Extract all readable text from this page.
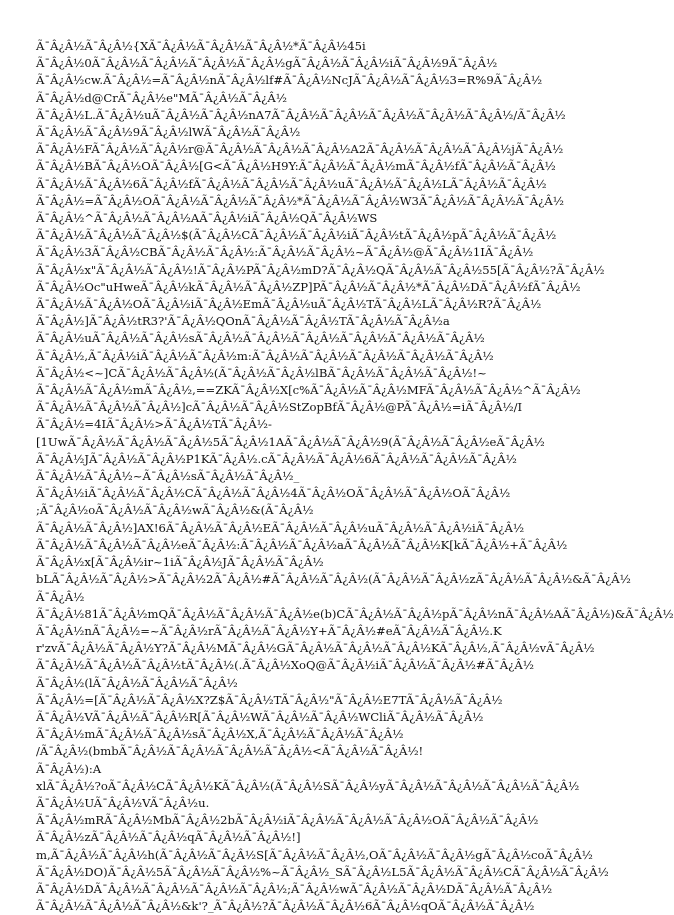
Ã¯Â¿Â½Ã¯Â¿Â½{XÃ¯Â¿Â½Ã¯Â¿Â½Ã¯Â¿Â½*Ã¯Â¿Â½45i
Ã¯Â¿Â½0Ã¯Â¿Â½Ã¯Â¿Â½Ã¯Â¿Â½Ã¯Â¿Â½gÃ¯Â¿Â½Ã¯Â¿Â½iÃ¯Â¿Â½9Ã¯Â¿Â½
Ã¯Â¿Â½cw.Ã¯Â¿Â½=Ã¯Â¿Â½nÃ¯Â¿Â½lf#Ã¯Â¿Â½NcJÃ¯Â¿Â½Ã¯Â¿Â½3=R%9Ã¯Â¿Â½
Ã¯Â¿Â½d@CrÃ¯Â¿Â½e"MÃ¯Â¿Â½Ã¯Â¿Â½
Ã¯Â¿Â½L.Ã¯Â¿Â½uÃ¯Â¿Â½Ã¯Â¿Â½nA7Ã¯Â¿Â½Ã¯Â¿Â½Ã¯Â¿Â½Ã¯Â¿Â½Ã¯Â¿Â½/Ã¯Â¿Â½
Ã¯Â¿Â½Ã¯Â¿Â½9Ã¯Â¿Â½lWÃ¯Â¿Â½Ã¯Â¿Â½
Ã¯Â¿Â½FÃ¯Â¿Â½Ã¯Â¿Â½r@Ã¯Â¿Â½Ã¯Â¿Â½Ã¯Â¿Â½A2Ã¯Â¿Â½Ã¯Â¿Â½Ã¯Â¿Â½jÃ¯Â¿Â½
Ã¯Â¿Â½BÃ¯Â¿Â½OÃ¯Â¿Â½[G<Ã¯Â¿Â½H9Y:Ã¯Â¿Â½Ã¯Â¿Â½mÃ¯Â¿Â½fÃ¯Â¿Â½Ã¯Â¿Â½
Ã¯Â¿Â½Ã¯Â¿Â½6Ã¯Â¿Â½fÃ¯Â¿Â½Ã¯Â¿Â½Ã¯Â¿Â½uÃ¯Â¿Â½Ã¯Â¿Â½LÃ¯Â¿Â½Ã¯Â¿Â½
Ã¯Â¿Â½=Ã¯Â¿Â½OÃ¯Â¿Â½Ã¯Â¿Â½Ã¯Â¿Â½*Ã¯Â¿Â½Ã¯Â¿Â½W3Ã¯Â¿Â½Ã¯Â¿Â½Ã¯Â¿Â½
Ã¯Â¿Â½^Ã¯Â¿Â½Ã¯Â¿Â½AÃ¯Â¿Â½iÃ¯Â¿Â½QÃ¯Â¿Â½WS
Ã¯Â¿Â½Ã¯Â¿Â½Ã¯Â¿Â½$(Ã¯Â¿Â½CÃ¯Â¿Â½Ã¯Â¿Â½iÃ¯Â¿Â½tÃ¯Â¿Â½pÃ¯Â¿Â½Ã¯Â¿Â½
Ã¯Â¿Â½3Ã¯Â¿Â½CBÃ¯Â¿Â½Ã¯Â¿Â½:Ã¯Â¿Â½Ã¯Â¿Â½~Ã¯Â¿Â½@Ã¯Â¿Â½1IÃ¯Â¿Â½
Ã¯Â¿Â½x"Ã¯Â¿Â½Ã¯Â¿Â½!Ã¯Â¿Â½PÃ¯Â¿Â½mD?Ã¯Â¿Â½QÃ¯Â¿Â½Ã¯Â¿Â½55[Ã¯Â¿Â½?Ã¯Â¿Â½
Ã¯Â¿Â½Oc"uHweÃ¯Â¿Â½kÃ¯Â¿Â½Ã¯Â¿Â½ZP]PÃ¯Â¿Â½Ã¯Â¿Â½*Ã¯Â¿Â½DÃ¯Â¿Â½fÃ¯Â¿Â½
Ã¯Â¿Â½Ã¯Â¿Â½OÃ¯Â¿Â½iÃ¯Â¿Â½EmÃ¯Â¿Â½uÃ¯Â¿Â½TÃ¯Â¿Â½LÃ¯Â¿Â½R?Ã¯Â¿Â½
Ã¯Â¿Â½]Ã¯Â¿Â½tR3?'Ã¯Â¿Â½QOnÃ¯Â¿Â½Ã¯Â¿Â½TÃ¯Â¿Â½Ã¯Â¿Â½a
Ã¯Â¿Â½uÃ¯Â¿Â½Ã¯Â¿Â½sÃ¯Â¿Â½Ã¯Â¿Â½Ã¯Â¿Â½Ã¯Â¿Â½Ã¯Â¿Â½Ã¯Â¿Â½
Ã¯Â¿Â½,Ã¯Â¿Â½iÃ¯Â¿Â½Ã¯Â¿Â½m:Ã¯Â¿Â½Ã¯Â¿Â½Ã¯Â¿Â½Ã¯Â¿Â½Ã¯Â¿Â½
Ã¯Â¿Â½<~]CÃ¯Â¿Â½Ã¯Â¿Â½(Ã¯Â¿Â½Ã¯Â¿Â½lBÃ¯Â¿Â½Ã¯Â¿Â½Ã¯Â¿Â½!~
Ã¯Â¿Â½Ã¯Â¿Â½mÃ¯Â¿Â½,==ZKÃ¯Â¿Â½X[c%Ã¯Â¿Â½Ã¯Â¿Â½MFÃ¯Â¿Â½Ã¯Â¿Â½^Ã¯Â¿Â½
Ã¯Â¿Â½Ã¯Â¿Â½Ã¯Â¿Â½]cÃ¯Â¿Â½Ã¯Â¿Â½StZopBfÃ¯Â¿Â½@PÃ¯Â¿Â½=iÃ¯Â¿Â½/I
Ã¯Â¿Â½=4IÃ¯Â¿Â½>Ã¯Â¿Â½TÃ¯Â¿Â½-
[1UwÃ¯Â¿Â½Ã¯Â¿Â½Ã¯Â¿Â½5Ã¯Â¿Â½1AÃ¯Â¿Â½Ã¯Â¿Â½9(Ã¯Â¿Â½Ã¯Â¿Â½eÃ¯Â¿Â½
Ã¯Â¿Â½JÃ¯Â¿Â½Ã¯Â¿Â½P1KÃ¯Â¿Â½.cÃ¯Â¿Â½Ã¯Â¿Â½6Ã¯Â¿Â½Ã¯Â¿Â½Ã¯Â¿Â½
Ã¯Â¿Â½Ã¯Â¿Â½~Ã¯Â¿Â½sÃ¯Â¿Â½Ã¯Â¿Â½_
Ã¯Â¿Â½iÃ¯Â¿Â½Ã¯Â¿Â½CÃ¯Â¿Â½Ã¯Â¿Â½4Ã¯Â¿Â½OÃ¯Â¿Â½Ã¯Â¿Â½OÃ¯Â¿Â½
;Ã¯Â¿Â½oÃ¯Â¿Â½Ã¯Â¿Â½wÃ¯Â¿Â½&(Ã¯Â¿Â½
Ã¯Â¿Â½Ã¯Â¿Â½]AX!6Ã¯Â¿Â½Ã¯Â¿Â½EÃ¯Â¿Â½Ã¯Â¿Â½uÃ¯Â¿Â½Ã¯Â¿Â½iÃ¯Â¿Â½
Ã¯Â¿Â½Ã¯Â¿Â½Ã¯Â¿Â½eÃ¯Â¿Â½:Ã¯Â¿Â½Ã¯Â¿Â½aÃ¯Â¿Â½Ã¯Â¿Â½K[kÃ¯Â¿Â½+Ã¯Â¿Â½
Ã¯Â¿Â½x[Ã¯Â¿Â½ir~1iÃ¯Â¿Â½JÃ¯Â¿Â½Ã¯Â¿Â½
bLÃ¯Â¿Â½Ã¯Â¿Â½>Ã¯Â¿Â½2Ã¯Â¿Â½#Ã¯Â¿Â½Ã¯Â¿Â½(Ã¯Â¿Â½Ã¯Â¿Â½zÃ¯Â¿Â½Ã¯Â¿Â½&Ã¯Â¿Â½
Ã¯Â¿Â½
Ã¯Â¿Â½81Ã¯Â¿Â½mQÃ¯Â¿Â½Ã¯Â¿Â½Ã¯Â¿Â½e(b)CÃ¯Â¿Â½Ã¯Â¿Â½pÃ¯Â¿Â½nÃ¯Â¿Â½AÃ¯Â¿Â½)&Ã¯Â¿Â½
Ã¯Â¿Â½nÃ¯Â¿Â½=~Ã¯Â¿Â½rÃ¯Â¿Â½Ã¯Â¿Â½Y+Ã¯Â¿Â½#eÃ¯Â¿Â½Ã¯Â¿Â½.K
r'zvÃ¯Â¿Â½Ã¯Â¿Â½Y?Ã¯Â¿Â½MÃ¯Â¿Â½GÃ¯Â¿Â½Ã¯Â¿Â½Ã¯Â¿Â½KÃ¯Â¿Â½,Ã¯Â¿Â½vÃ¯Â¿Â½
Ã¯Â¿Â½Ã¯Â¿Â½Ã¯Â¿Â½tÃ¯Â¿Â½(.Ã¯Â¿Â½XoQ@Ã¯Â¿Â½iÃ¯Â¿Â½Ã¯Â¿Â½#Ã¯Â¿Â½
Ã¯Â¿Â½(lÃ¯Â¿Â½Ã¯Â¿Â½Ã¯Â¿Â½
Ã¯Â¿Â½=[Ã¯Â¿Â½Ã¯Â¿Â½X?Z$Ã¯Â¿Â½TÃ¯Â¿Â½"Ã¯Â¿Â½E7TÃ¯Â¿Â½Ã¯Â¿Â½
Ã¯Â¿Â½VÃ¯Â¿Â½Ã¯Â¿Â½R[Ã¯Â¿Â½WÃ¯Â¿Â½Ã¯Â¿Â½WCliÃ¯Â¿Â½Ã¯Â¿Â½
Ã¯Â¿Â½mÃ¯Â¿Â½Ã¯Â¿Â½sÃ¯Â¿Â½X,Ã¯Â¿Â½Ã¯Â¿Â½Ã¯Â¿Â½
/Ã¯Â¿Â½(bmbÃ¯Â¿Â½Ã¯Â¿Â½Ã¯Â¿Â½Ã¯Â¿Â½<Ã¯Â¿Â½Ã¯Â¿Â½!
Ã¯Â¿Â½):A
xlÃ¯Â¿Â½?oÃ¯Â¿Â½CÃ¯Â¿Â½KÃ¯Â¿Â½(Ã¯Â¿Â½SÃ¯Â¿Â½yÃ¯Â¿Â½Ã¯Â¿Â½Ã¯Â¿Â½Ã¯Â¿Â½
Ã¯Â¿Â½UÃ¯Â¿Â½VÃ¯Â¿Â½u.
Ã¯Â¿Â½mRÃ¯Â¿Â½MbÃ¯Â¿Â½2bÃ¯Â¿Â½iÃ¯Â¿Â½Ã¯Â¿Â½Ã¯Â¿Â½OÃ¯Â¿Â½Ã¯Â¿Â½
Ã¯Â¿Â½zÃ¯Â¿Â½Ã¯Â¿Â½qÃ¯Â¿Â½Ã¯Â¿Â½!]
m,Ã¯Â¿Â½Ã¯Â¿Â½h(Ã¯Â¿Â½Ã¯Â¿Â½S[Ã¯Â¿Â½Ã¯Â¿Â½,OÃ¯Â¿Â½Ã¯Â¿Â½gÃ¯Â¿Â½coÃ¯Â¿Â½
Ã¯Â¿Â½DO)Ã¯Â¿Â½5Ã¯Â¿Â½Ã¯Â¿Â½%~Ã¯Â¿Â½_SÃ¯Â¿Â½L5Ã¯Â¿Â½Ã¯Â¿Â½CÃ¯Â¿Â½Ã¯Â¿Â½
Ã¯Â¿Â½DÃ¯Â¿Â½Ã¯Â¿Â½Ã¯Â¿Â½Ã¯Â¿Â½;Ã¯Â¿Â½wÃ¯Â¿Â½Ã¯Â¿Â½DÃ¯Â¿Â½Ã¯Â¿Â½
Ã¯Â¿Â½Ã¯Â¿Â½Ã¯Â¿Â½&k'?_Ã¯Â¿Â½?Ã¯Â¿Â½Ã¯Â¿Â½6Ã¯Â¿Â½qOÃ¯Â¿Â½Ã¯Â¿Â½
